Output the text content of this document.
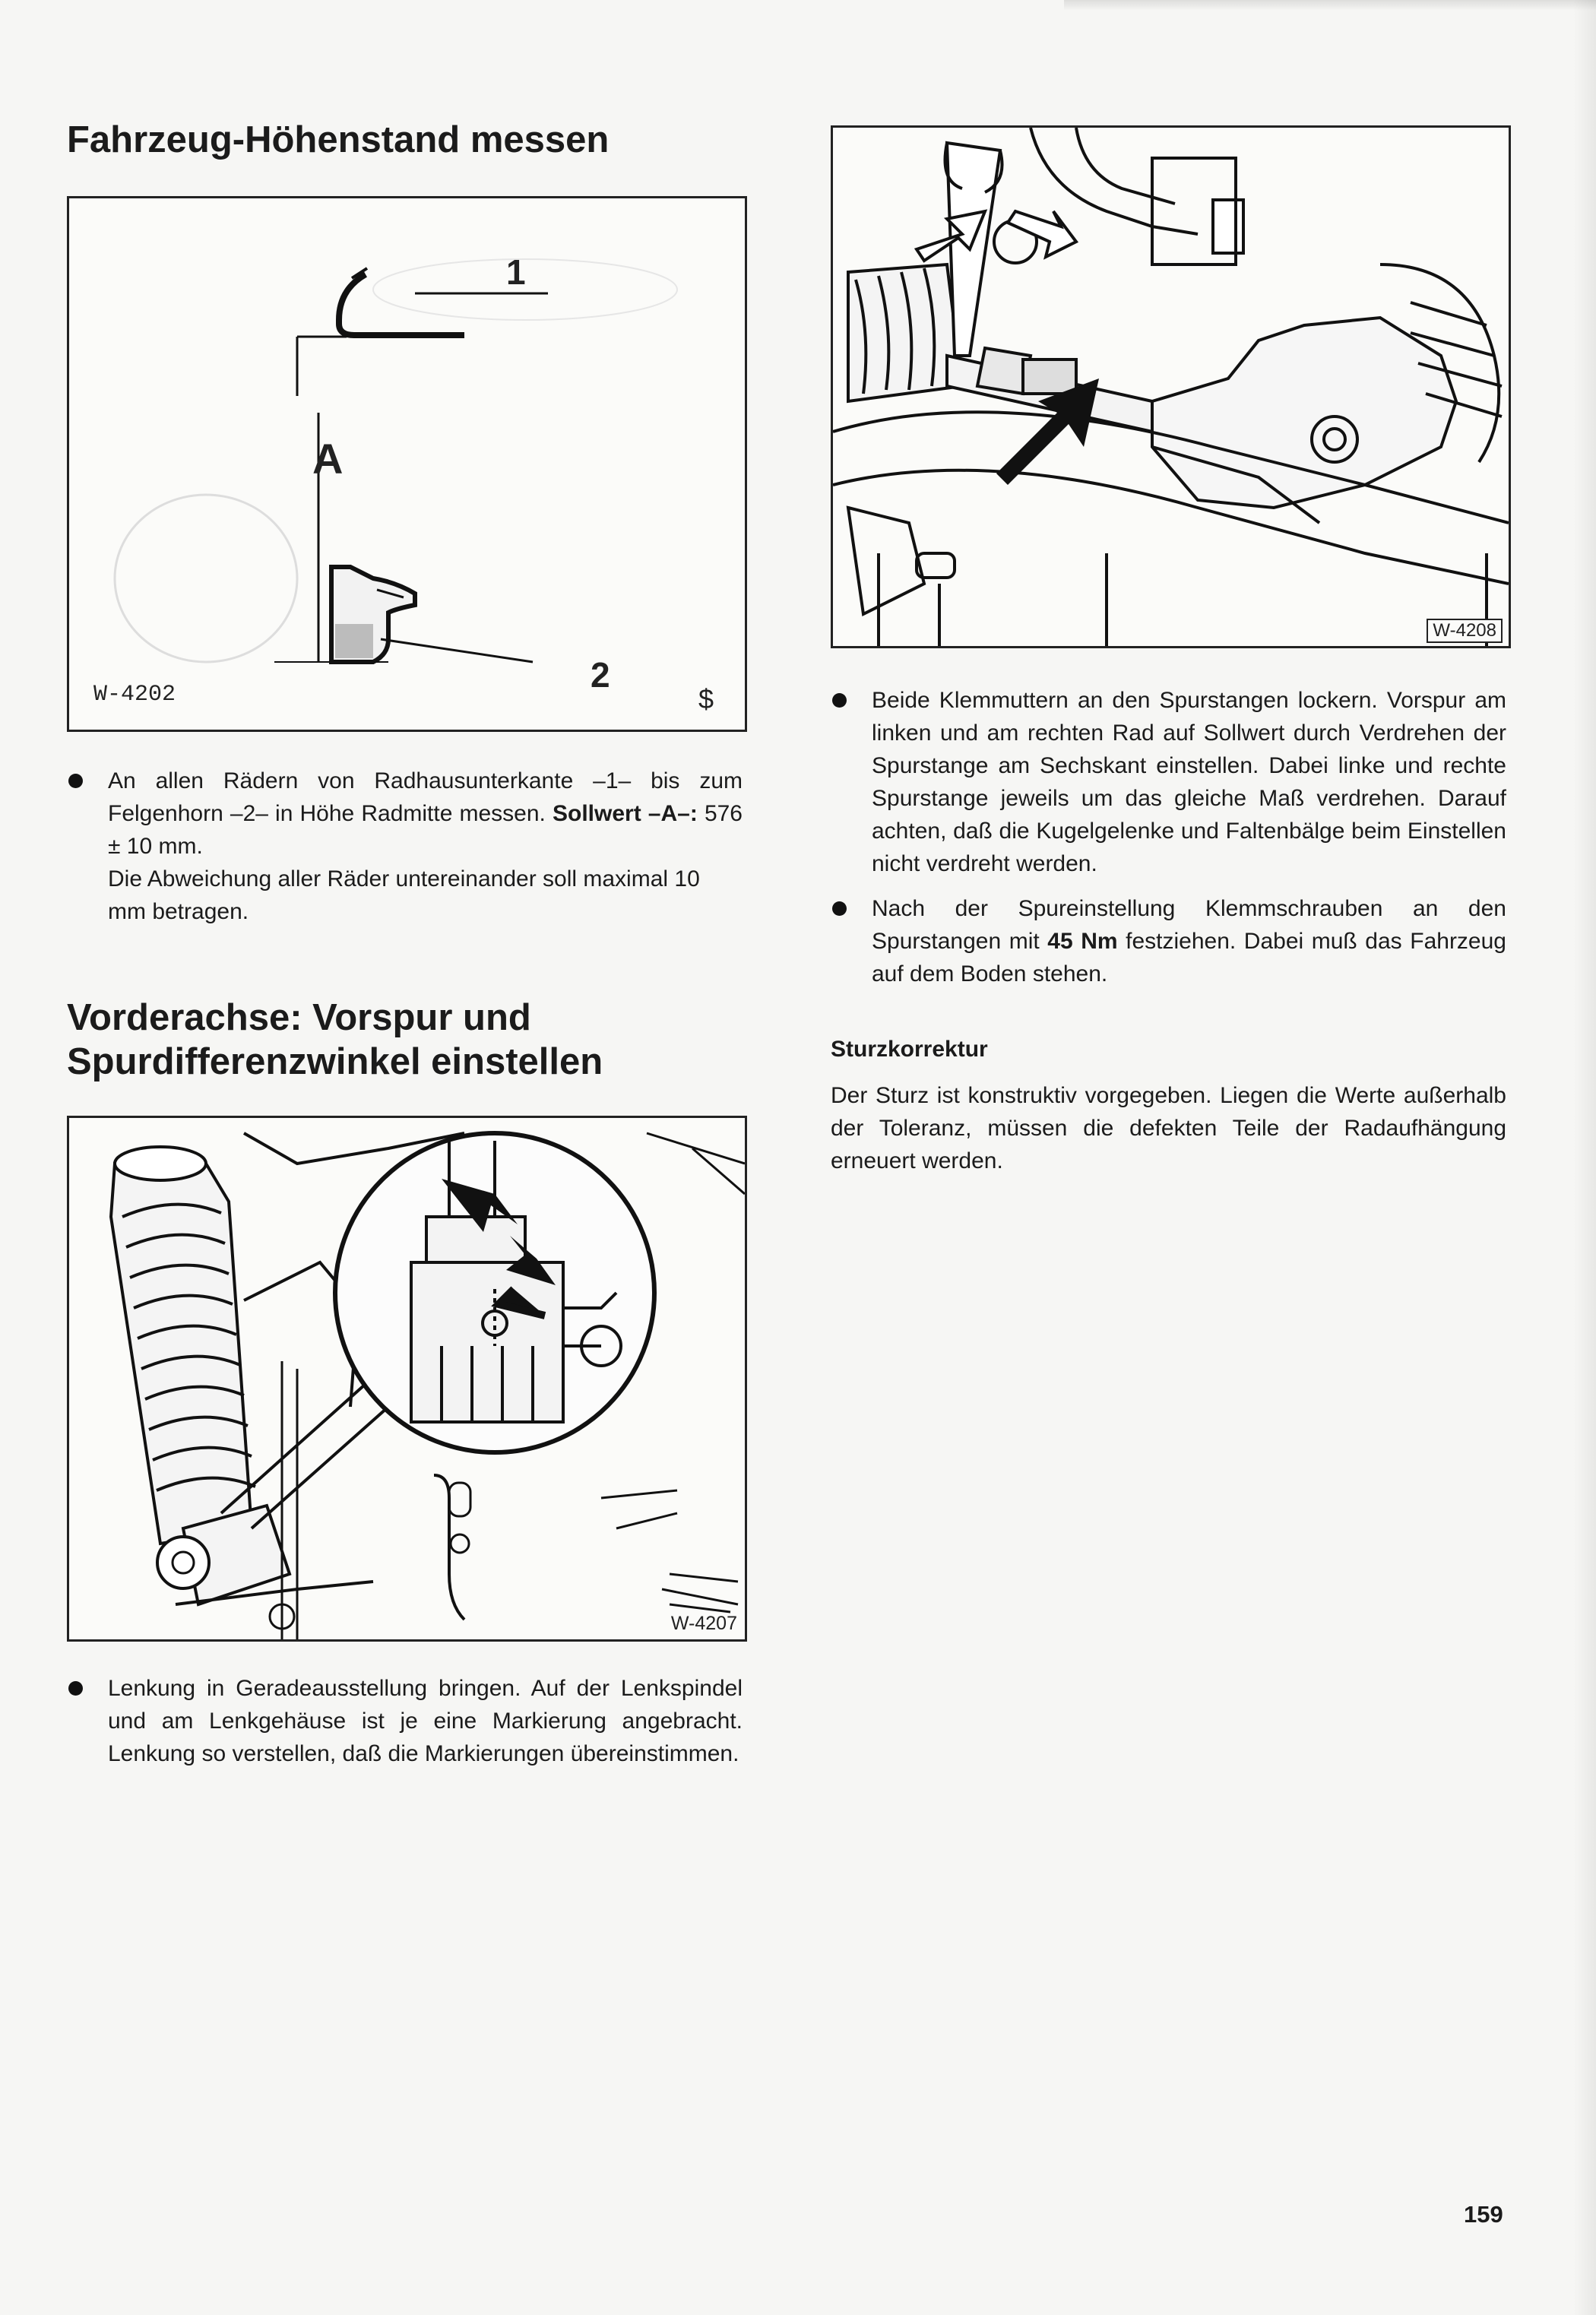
Fahrzeug-Höhenstand messen
1
A
2
W-4202	$

An allen Rädern von Radhausunterkante –1– bis zum Felgenhorn –2– in Höhe Radmitte messen. Sollwert –A–: 576 ± 10 mm.

Die Abweichung aller Räder untereinander soll maximal 10 mm betragen.

Vorderachse: Vorspur und Spurdifferenzwinkel einstellen
W-4207

Lenkung in Geradeausstellung bringen. Auf der Lenkspindel und am Lenkgehäuse ist je eine Markierung angebracht. Lenkung so verstellen, daß die Markierungen übereinstimmen.

W-4208

Beide Klemmuttern an den Spurstangen lockern. Vorspur am linken und am rechten Rad auf Sollwert durch Verdrehen der Spurstange am Sechskant einstellen. Dabei linke und rechte Spurstange jeweils um das gleiche Maß verdrehen. Darauf achten, daß die Kugelgelenke und Faltenbälge beim Einstellen nicht verdreht werden.

Nach der Spureinstellung Klemmschrauben an den Spurstangen mit 45 Nm festziehen. Dabei muß das Fahrzeug auf dem Boden stehen.

Sturzkorrektur
Der Sturz ist konstruktiv vorgegeben. Liegen die Werte außerhalb der Toleranz, müssen die defekten Teile der Radaufhängung erneuert werden.
159
